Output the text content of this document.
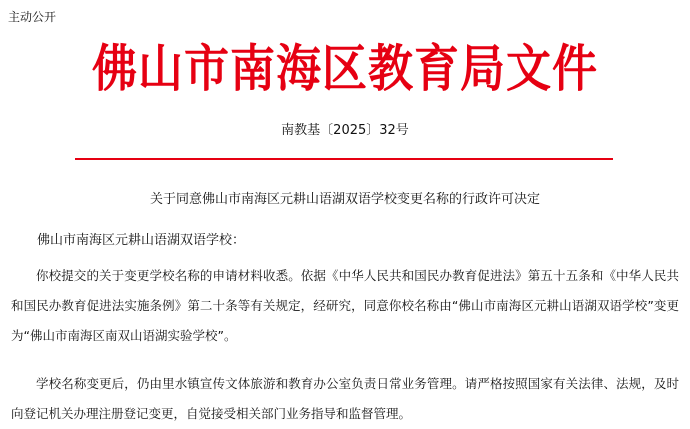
主动公开
佛山市南海区教育局文件
南教基〔2025〕32号
关于同意佛山市南海区元耕山语湖双语学校变更名称的行政许可决定
佛山市南海区元耕山语湖双语学校：

你校提交的关于变更学校名称的申请材料收悉。依据《中华人民共和国民办教育促进法》第五十五条和《中华人民共和国民办教育促进法实施条例》第二十条等有关规定，经研究，同意你校名称由“佛山市南海区元耕山语湖双语学校”变更为“佛山市南海区南双山语湖实验学校”。

学校名称变更后，仍由里水镇宣传文体旅游和教育办公室负责日常业务管理。请严格按照国家有关法律、法规，及时向登记机关办理注册登记变更，自觉接受相关部门业务指导和监督管理。
